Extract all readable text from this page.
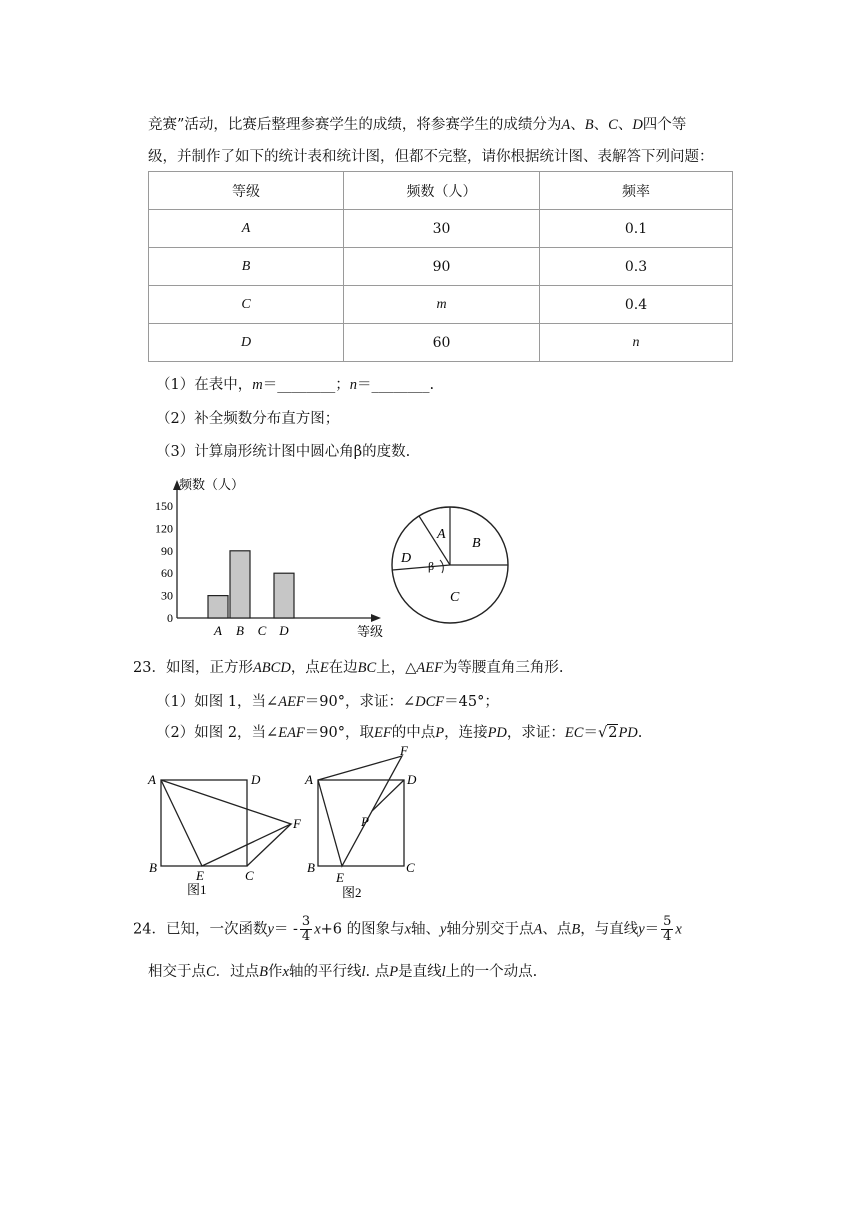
竞赛”活动，比赛后整理参赛学生的成绩，将参赛学生的成绩分为A、B、C、D四个等
级，并制作了如下的统计表和统计图，但都不完整，请你根据统计图、表解答下列问题：
等级	频数（人）	频率
A	30	0.1
B	90	0.3
C	m	0.4
D	60	n
（1）在表中，m＝________；n＝________.
（2）补全频数分布直方图；
（3）计算扇形统计图中圆心角β的度数.
频数（人）
等级
0
30
60
90
120
150
A B C D
A
B
C
D β
23．如图，正方形ABCD，点E在边BC上，△AEF为等腰直角三角形.
（1）如图 1，当∠AEF＝90°，求证：∠DCF＝45°；
（2）如图 2，当∠EAF＝90°，取EF的中点P，连接PD，求证：EC＝√2PD.
A	D
F
B
E	C
图1
F
A	D
P
B	C
E
图2
24．已知，一次函数$y= - \frac{3}{4} x+6$ 的图象与x轴、y轴分别交于点A、点B，与直线$y= \frac{5}{4}$ x
相交于点C．过点B作x轴的平行线l. 点P是直线l上的一个动点.
